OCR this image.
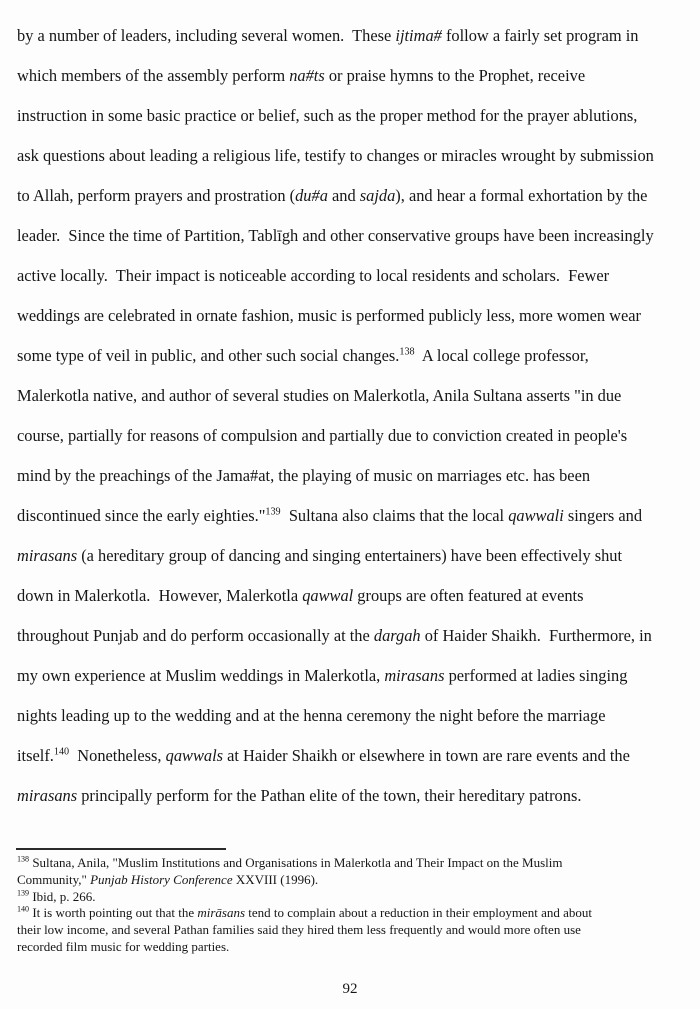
by a number of leaders, including several women.  These ijtima# follow a fairly set program in
which members of the assembly perform na#ts or praise hymns to the Prophet, receive
instruction in some basic practice or belief, such as the proper method for the prayer ablutions,
ask questions about leading a religious life, testify to changes or miracles wrought by submission
to Allah, perform prayers and prostration (du#a and sajda), and hear a formal exhortation by the
leader.  Since the time of Partition, Tablīgh and other conservative groups have been increasingly
active locally.  Their impact is noticeable according to local residents and scholars.  Fewer
weddings are celebrated in ornate fashion, music is performed publicly less, more women wear
some type of veil in public, and other such social changes.$^{138}$  A local college professor,
Malerkotla native, and author of several studies on Malerkotla, Anila Sultana asserts "in due
course, partially for reasons of compulsion and partially due to conviction created in people's
mind by the preachings of the Jama#at, the playing of music on marriages etc. has been
discontinued since the early eighties."$^{139}$  Sultana also claims that the local qawwali singers and
mirasans (a hereditary group of dancing and singing entertainers) have been effectively shut
down in Malerkotla.  However, Malerkotla qawwal groups are often featured at events
throughout Punjab and do perform occasionally at the dargah of Haider Shaikh.  Furthermore, in
my own experience at Muslim weddings in Malerkotla, mirasans performed at ladies singing
nights leading up to the wedding and at the henna ceremony the night before the marriage
itself.$^{140}$  Nonetheless, qawwals at Haider Shaikh or elsewhere in town are rare events and the
mirasans principally perform for the Pathan elite of the town, their hereditary patrons.
$^{138}$ Sultana, Anila, "Muslim Institutions and Organisations in Malerkotla and Their Impact on the Muslim
Community," Punjab History Conference XXVIII (1996).
$^{139}$ Ibid, p. 266.
$^{140}$ It is worth pointing out that the mirāsans tend to complain about a reduction in their employment and about
their low income, and several Pathan families said they hired them less frequently and would more often use
recorded film music for wedding parties.
92
